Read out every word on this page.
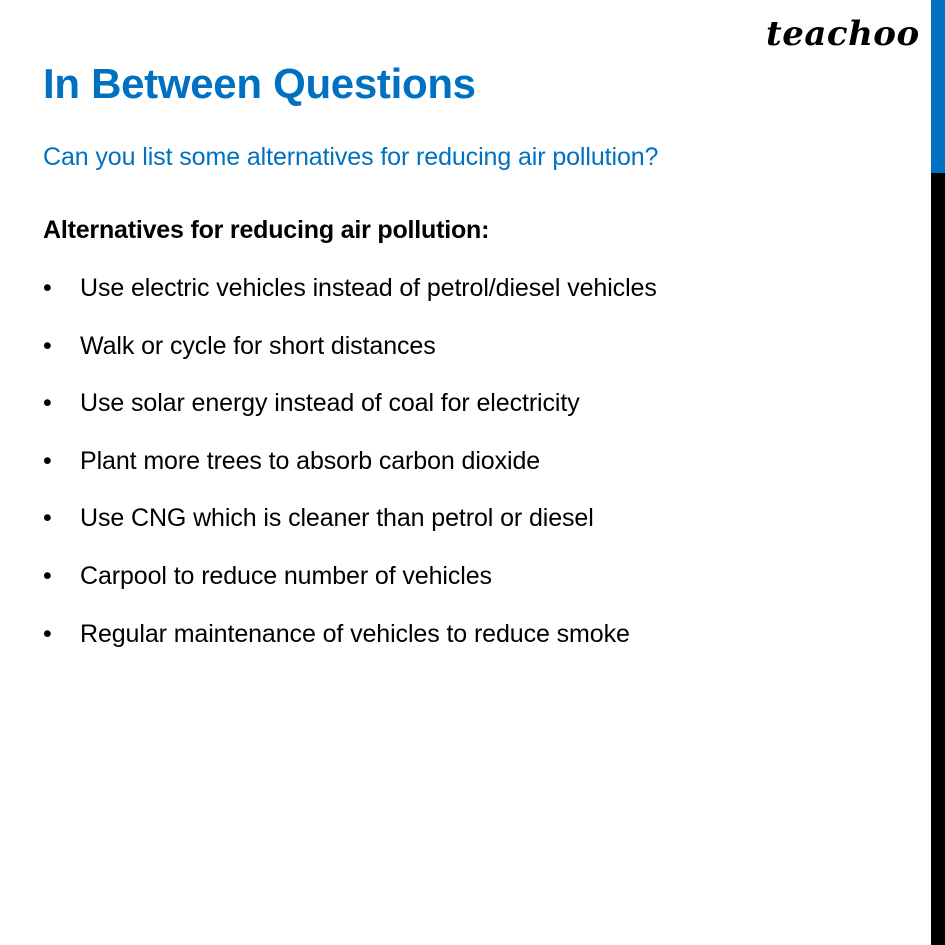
teachoo
In Between Questions
Can you list some alternatives for reducing air pollution?
Alternatives for reducing air pollution:
• Use electric vehicles instead of petrol/diesel vehicles
• Walk or cycle for short distances
• Use solar energy instead of coal for electricity
• Plant more trees to absorb carbon dioxide
• Use CNG which is cleaner than petrol or diesel
• Carpool to reduce number of vehicles
• Regular maintenance of vehicles to reduce smoke
